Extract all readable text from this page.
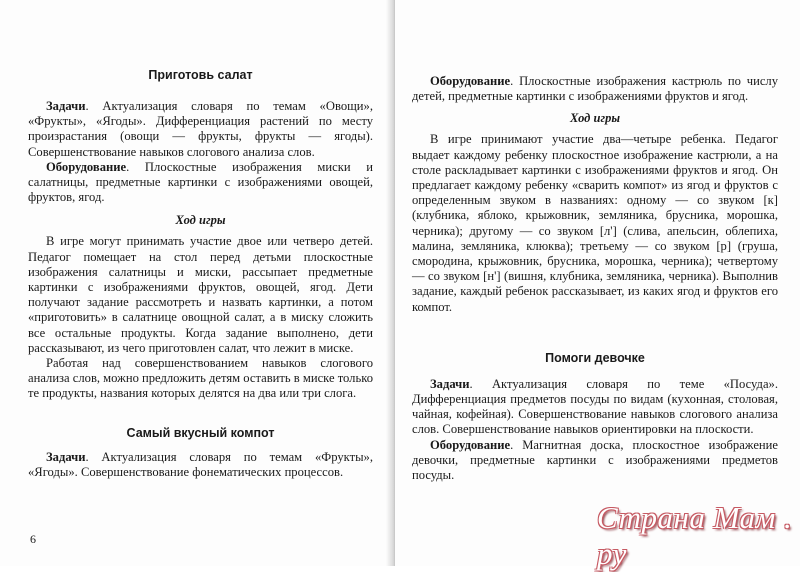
Приготовь салат

Задачи. Актуализация словаря по темам «Овощи», «Фрукты», «Ягоды». Дифференциация растений по месту произрастания (овощи — фрукты, фрукты — ягоды). Совершенствование навыков слогового анализа слов.

Оборудование. Плоскостные изображения миски и салатницы, предметные картинки с изображениями овощей, фруктов, ягод.

Ход игры

В игре могут принимать участие двое или четверо детей. Педагог помещает на стол перед детьми плоскостные изображения салатницы и миски, рассыпает предметные картинки с изображениями фруктов, овощей, ягод. Дети получают задание рассмотреть и назвать картинки, а потом «приготовить» в салатнице овощной салат, а в миску сложить все остальные продукты. Когда задание выполнено, дети рассказывают, из чего приготовлен салат, что лежит в миске.

Работая над совершенствованием навыков слогового анализа слов, можно предложить детям оставить в миске только те продукты, названия которых делятся на два или три слога.

Самый вкусный компот

Задачи. Актуализация словаря по темам «Фрукты», «Ягоды». Совершенствование фонематических процессов.

6

Оборудование. Плоскостные изображения кастрюль по числу детей, предметные картинки с изображениями фруктов и ягод.

Ход игры

В игре принимают участие два—четыре ребенка. Педагог выдает каждому ребенку плоскостное изображение кастрюли, а на столе раскладывает картинки с изображениями фруктов и ягод. Он предлагает каждому ребенку «сварить компот» из ягод и фруктов с определенным звуком в названиях: одному — со звуком [к] (клубника, яблоко, крыжовник, земляника, брусника, морошка, черника); другому — со звуком [л'] (слива, апельсин, облепиха, малина, земляника, клюква); третьему — со звуком [р] (груша, смородина, крыжовник, брусника, морошка, черника); четвертому — со звуком [н'] (вишня, клубника, земляника, черника). Выполнив задание, каждый ребенок рассказывает, из каких ягод и фруктов его компот.

Помоги девочке

Задачи. Актуализация словаря по теме «Посуда». Дифференциация предметов посуды по видам (кухонная, столовая, чайная, кофейная). Совершенствование навыков слогового анализа слов. Совершенствование навыков ориентировки на плоскости.

Оборудование. Магнитная доска, плоскостное изображение девочки, предметные картинки с изображениями предметов посуды.

Страна Мам . ру
